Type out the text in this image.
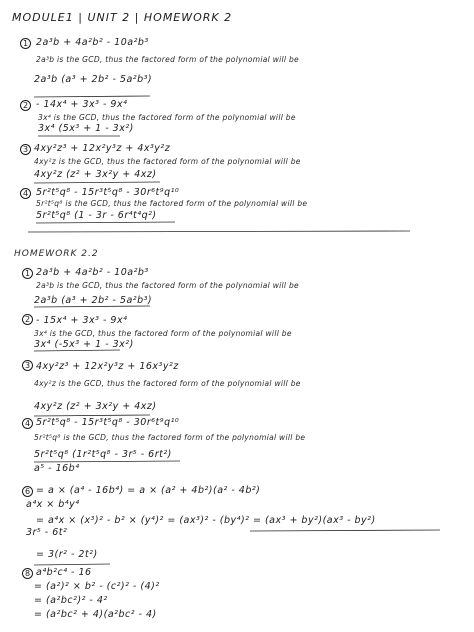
MODULE1 | UNIT 2 | HOMEWORK 2
1 2a³b + 4a²b² - 10a²b³
2a³b is the GCD, thus the factored form of the polynomial will be
2a³b (a³ + 2b² - 5a²b³)
2 - 14x⁴ + 3x³ - 9x⁴
3x⁴ is the GCD, thus the factored form of the polynomial will be
3x⁴ (5x³ + 1 - 3x²)
3 4xy²z³ + 12x²y³z + 4x³y²z
4xy²z is the GCD, thus the factored form of the polynomial will be
4xy²z (z² + 3x²y + 4xz)
4 5r²t⁵q⁸ - 15r³t⁵q⁸ - 30r⁶t⁹q¹⁰
5r²t⁵q⁸ is the GCD, thus the factored form of the polynomial will be
5r²t⁵q⁸ (1 - 3r - 6r⁴t⁴q²)
HOMEWORK 2.2
1 2a³b + 4a²b² - 10a²b³
2a³b is the GCD, thus the factored form of the polynomial will be
2a³b (a³ + 2b² - 5a²b³)
2 - 15x⁴ + 3x³ - 9x⁴
3x⁴ is the GCD, thus the factored form of the polynomial will be
3x⁴ (-5x³ + 1 - 3x²)
3 4xy²z³ + 12x²y³z + 16x³y²z
4xy²z is the GCD, thus the factored form of the polynomial will be
4xy²z (z² + 3x²y + 4xz)
4 5r²t⁵q⁸ - 15r³t⁵q⁸ - 30r⁶t⁹q¹⁰
5r²t⁵q⁸ is the GCD, thus the factored form of the polynomial will be
5r²t⁵q⁸ (1r²t⁵q⁸ - 3r⁵ - 6rt²)
a⁵ - 16b⁴
6 = a × (a⁴ - 16b⁴) = a × (a² + 4b²)(a² - 4b²)
a⁴x × b⁴y⁴
= a⁴x × (x³)² - b² × (y⁴)² = (ax³)² - (by⁴)² = (ax³ + by²)(ax³ - by²)
3r⁵ - 6t²
= 3(r² - 2t²)
8 a⁴b²c⁴ - 16
= (a²)² × b² - (c²)² - (4)²
= (a²bc²)² - 4²
= (a²bc² + 4)(a²bc² - 4)
